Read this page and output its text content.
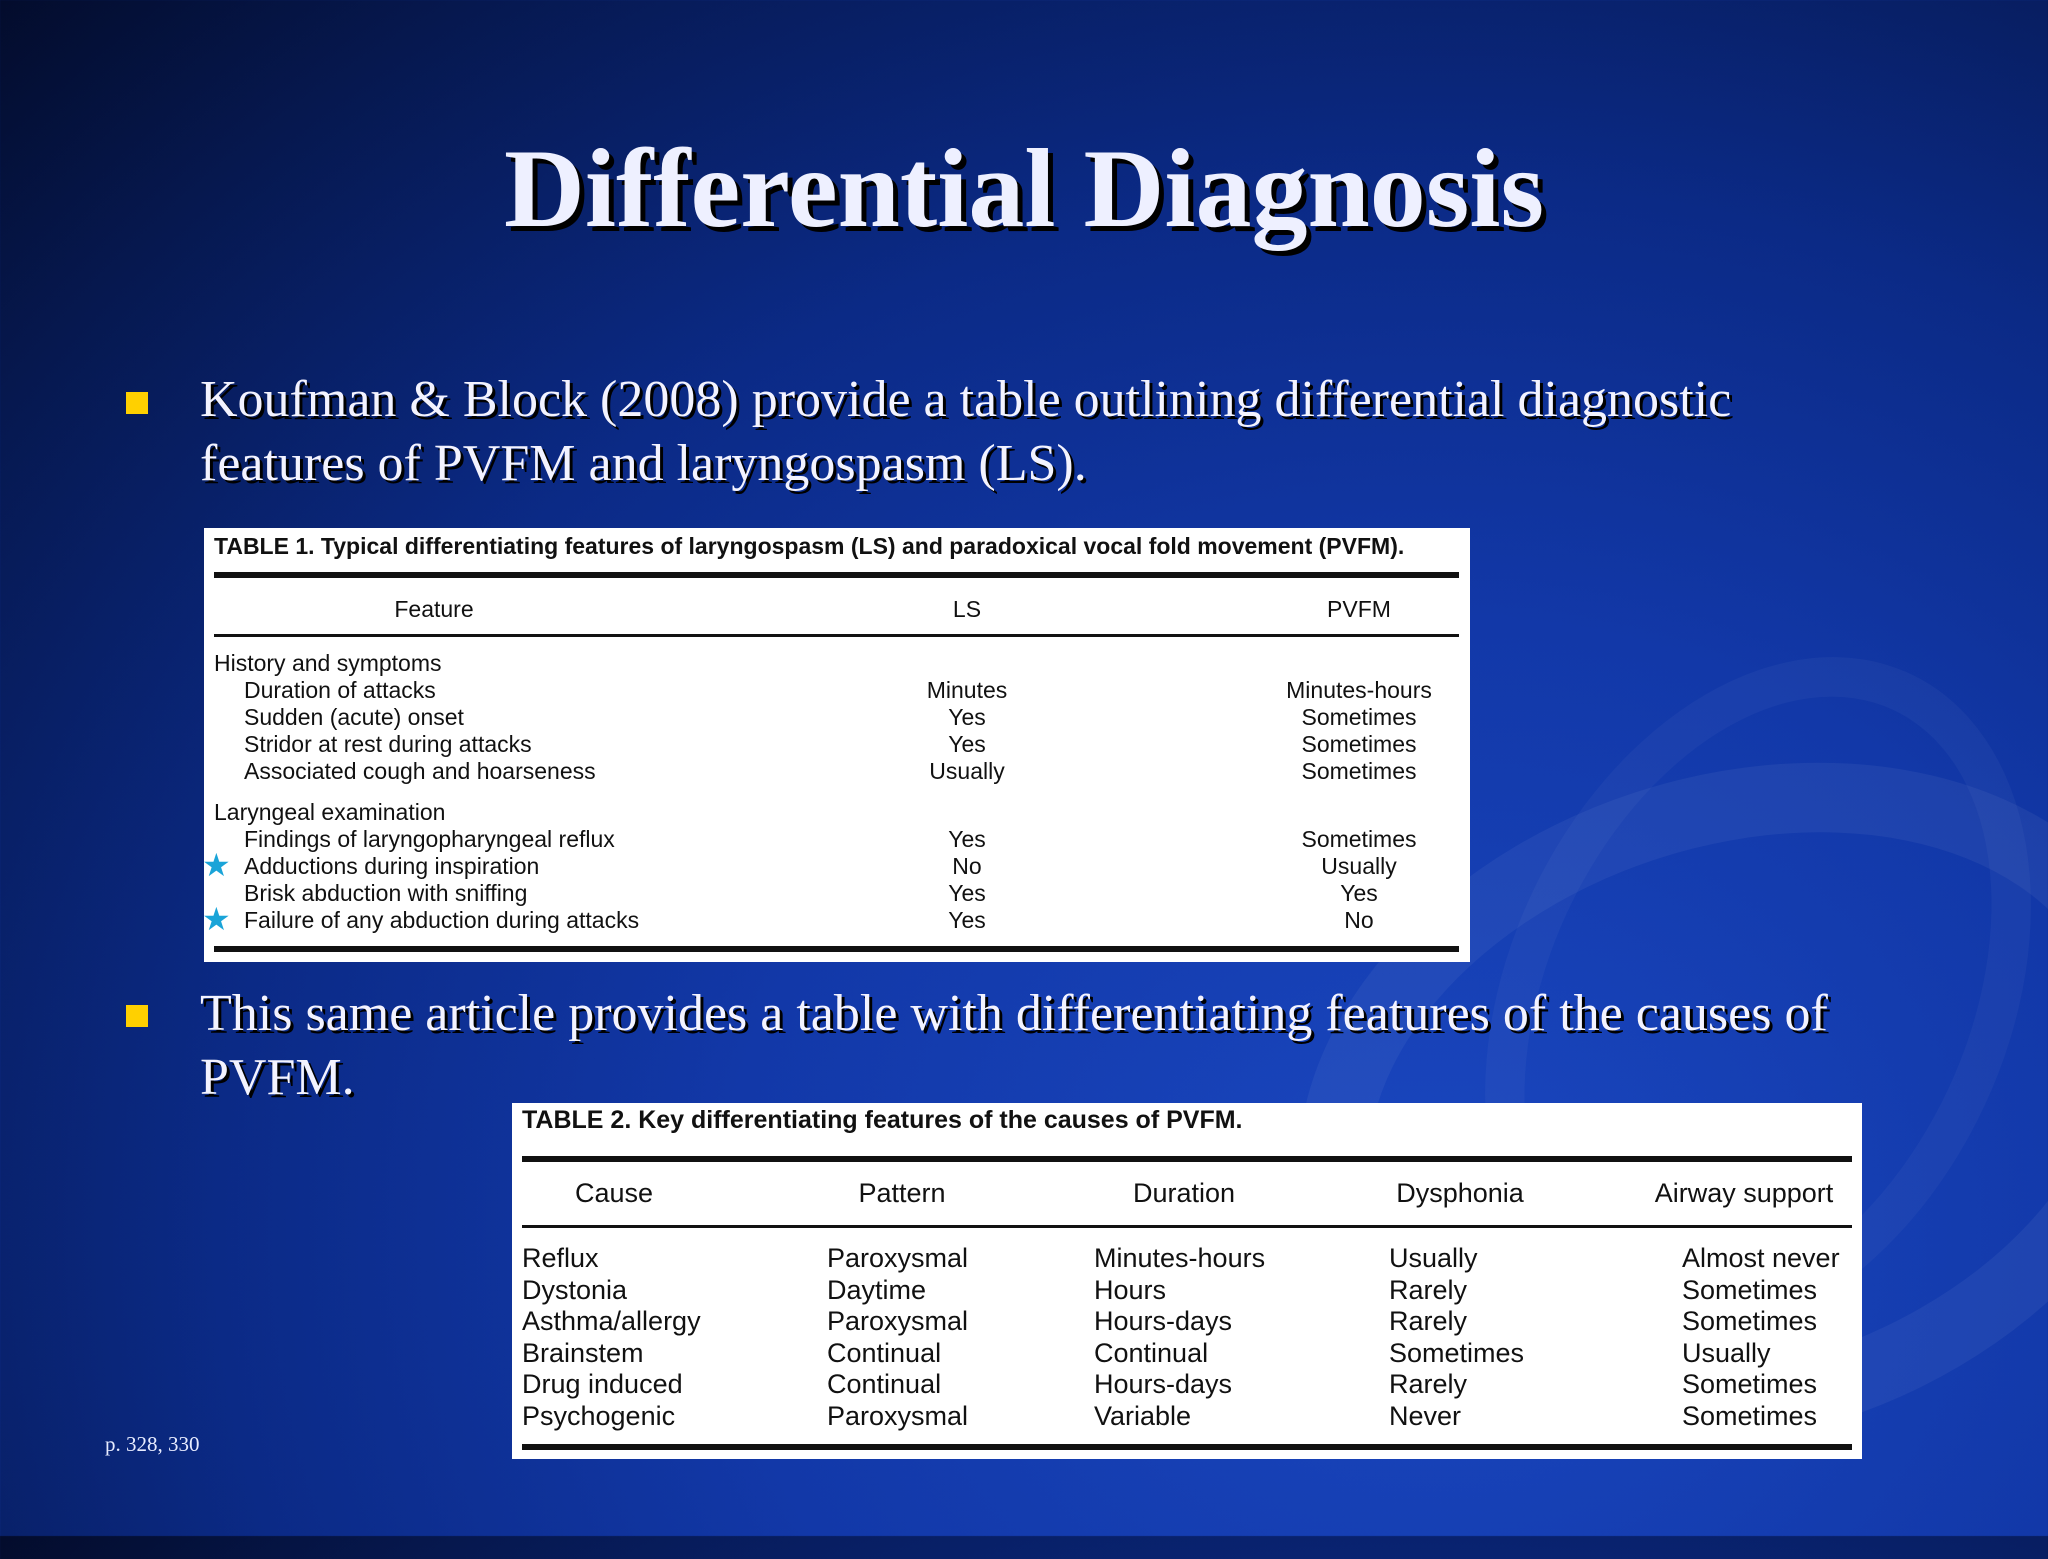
Differential Diagnosis
Koufman & Block (2008) provide a table outlining differential diagnostic features of PVFM and laryngospasm (LS).
TABLE 1. Typical differentiating features of laryngospasm (LS) and paradoxical vocal fold movement (PVFM).
Feature	LS	PVFM
History and symptoms
Duration of attacks	Minutes	Minutes-hours
Sudden (acute) onset	Yes	Sometimes
Stridor at rest during attacks	Yes	Sometimes
Associated cough and hoarseness	Usually	Sometimes
Laryngeal examination
Findings of laryngopharyngeal reflux	Yes	Sometimes
Adductions during inspiration	No	Usually
★
Brisk abduction with sniffing	Yes	Yes
Failure of any abduction during attacks	Yes	No
★
This same article provides a table with differentiating features of the causes of PVFM.
TABLE 2. Key differentiating features of the causes of PVFM.
Cause	Pattern	Duration	Dysphonia	Airway support
Reflux	Paroxysmal	Minutes-hours	Usually	Almost never
Dystonia	Daytime	Hours	Rarely	Sometimes
Asthma/allergy	Paroxysmal	Hours-days	Rarely	Sometimes
Brainstem	Continual	Continual	Sometimes	Usually
Drug induced	Continual	Hours-days	Rarely	Sometimes
Psychogenic	Paroxysmal	Variable	Never	Sometimes
p. 328, 330
